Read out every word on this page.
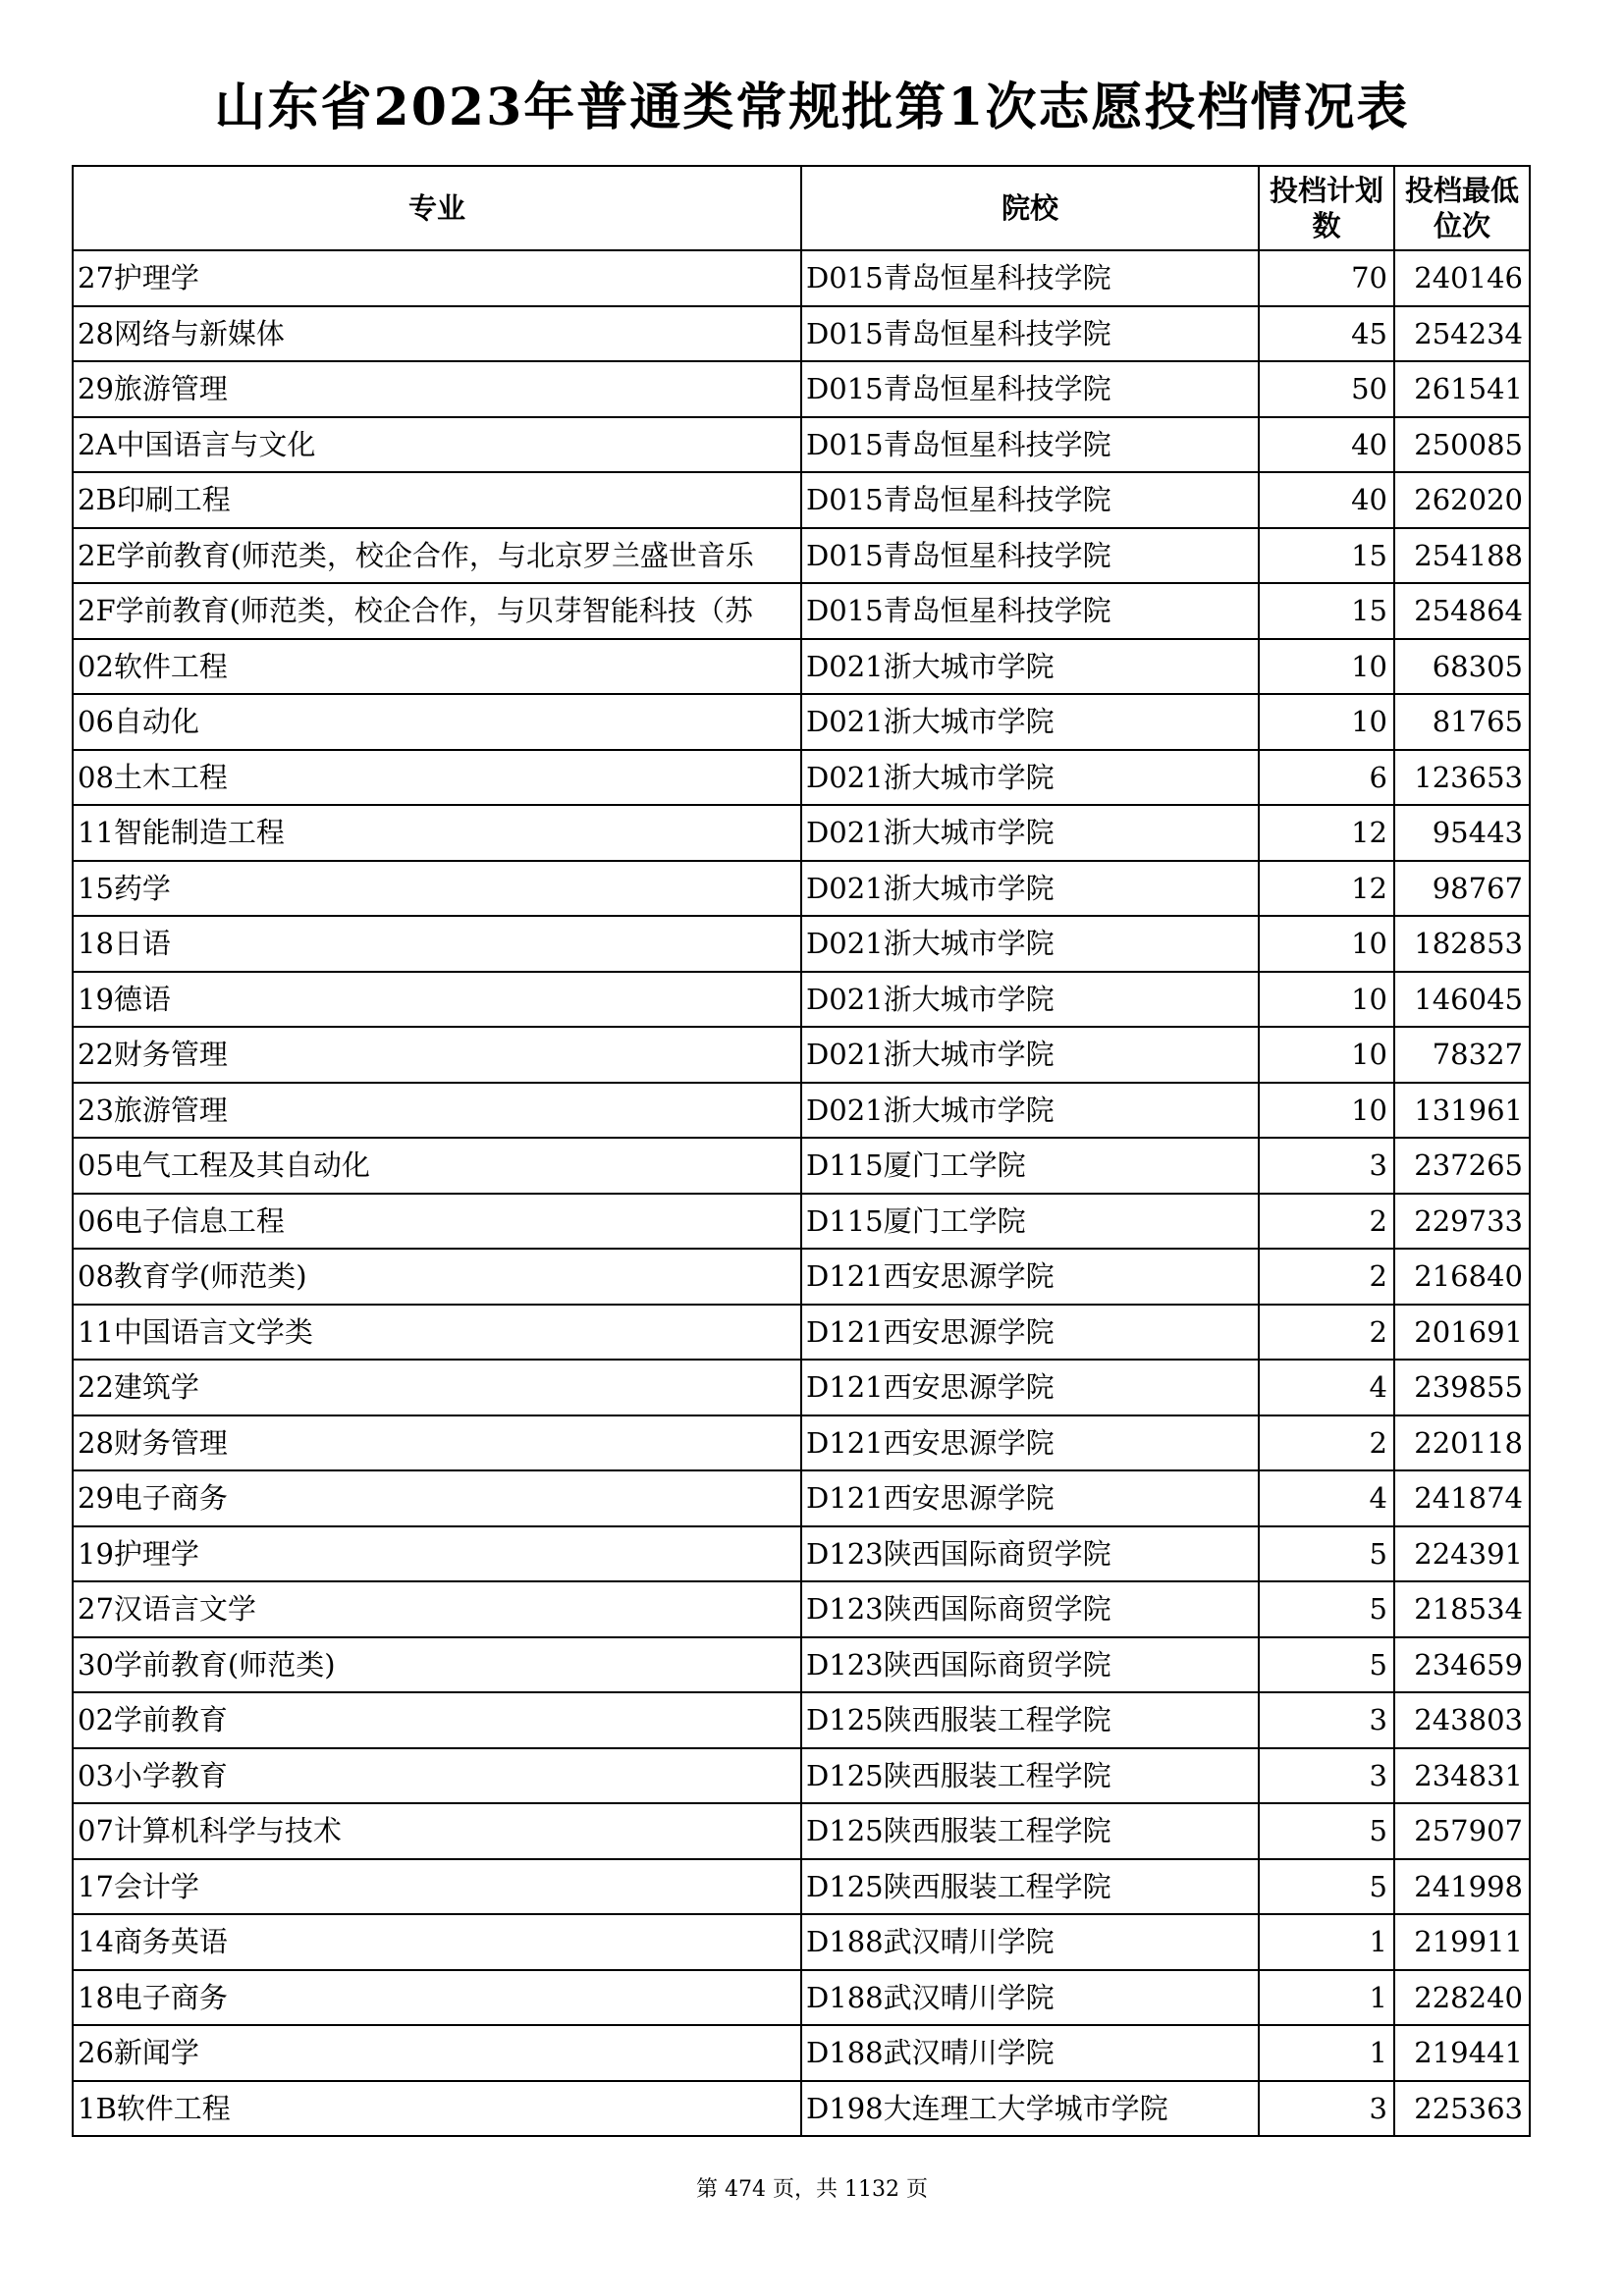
山东省2023年普通类常规批第1次志愿投档情况表
专业	院校	投档计划数	投档最低位次
27护理学	D015青岛恒星科技学院	70	240146
28网络与新媒体	D015青岛恒星科技学院	45	254234
29旅游管理	D015青岛恒星科技学院	50	261541
2A中国语言与文化	D015青岛恒星科技学院	40	250085
2B印刷工程	D015青岛恒星科技学院	40	262020
2E学前教育(师范类，校企合作，与北京罗兰盛世音乐	D015青岛恒星科技学院	15	254188
2F学前教育(师范类，校企合作，与贝芽智能科技（苏	D015青岛恒星科技学院	15	254864
02软件工程	D021浙大城市学院	10	68305
06自动化	D021浙大城市学院	10	81765
08土木工程	D021浙大城市学院	6	123653
11智能制造工程	D021浙大城市学院	12	95443
15药学	D021浙大城市学院	12	98767
18日语	D021浙大城市学院	10	182853
19德语	D021浙大城市学院	10	146045
22财务管理	D021浙大城市学院	10	78327
23旅游管理	D021浙大城市学院	10	131961
05电气工程及其自动化	D115厦门工学院	3	237265
06电子信息工程	D115厦门工学院	2	229733
08教育学(师范类)	D121西安思源学院	2	216840
11中国语言文学类	D121西安思源学院	2	201691
22建筑学	D121西安思源学院	4	239855
28财务管理	D121西安思源学院	2	220118
29电子商务	D121西安思源学院	4	241874
19护理学	D123陕西国际商贸学院	5	224391
27汉语言文学	D123陕西国际商贸学院	5	218534
30学前教育(师范类)	D123陕西国际商贸学院	5	234659
02学前教育	D125陕西服装工程学院	3	243803
03小学教育	D125陕西服装工程学院	3	234831
07计算机科学与技术	D125陕西服装工程学院	5	257907
17会计学	D125陕西服装工程学院	5	241998
14商务英语	D188武汉晴川学院	1	219911
18电子商务	D188武汉晴川学院	1	228240
26新闻学	D188武汉晴川学院	1	219441
1B软件工程	D198大连理工大学城市学院	3	225363
第 474 页，共 1132 页
